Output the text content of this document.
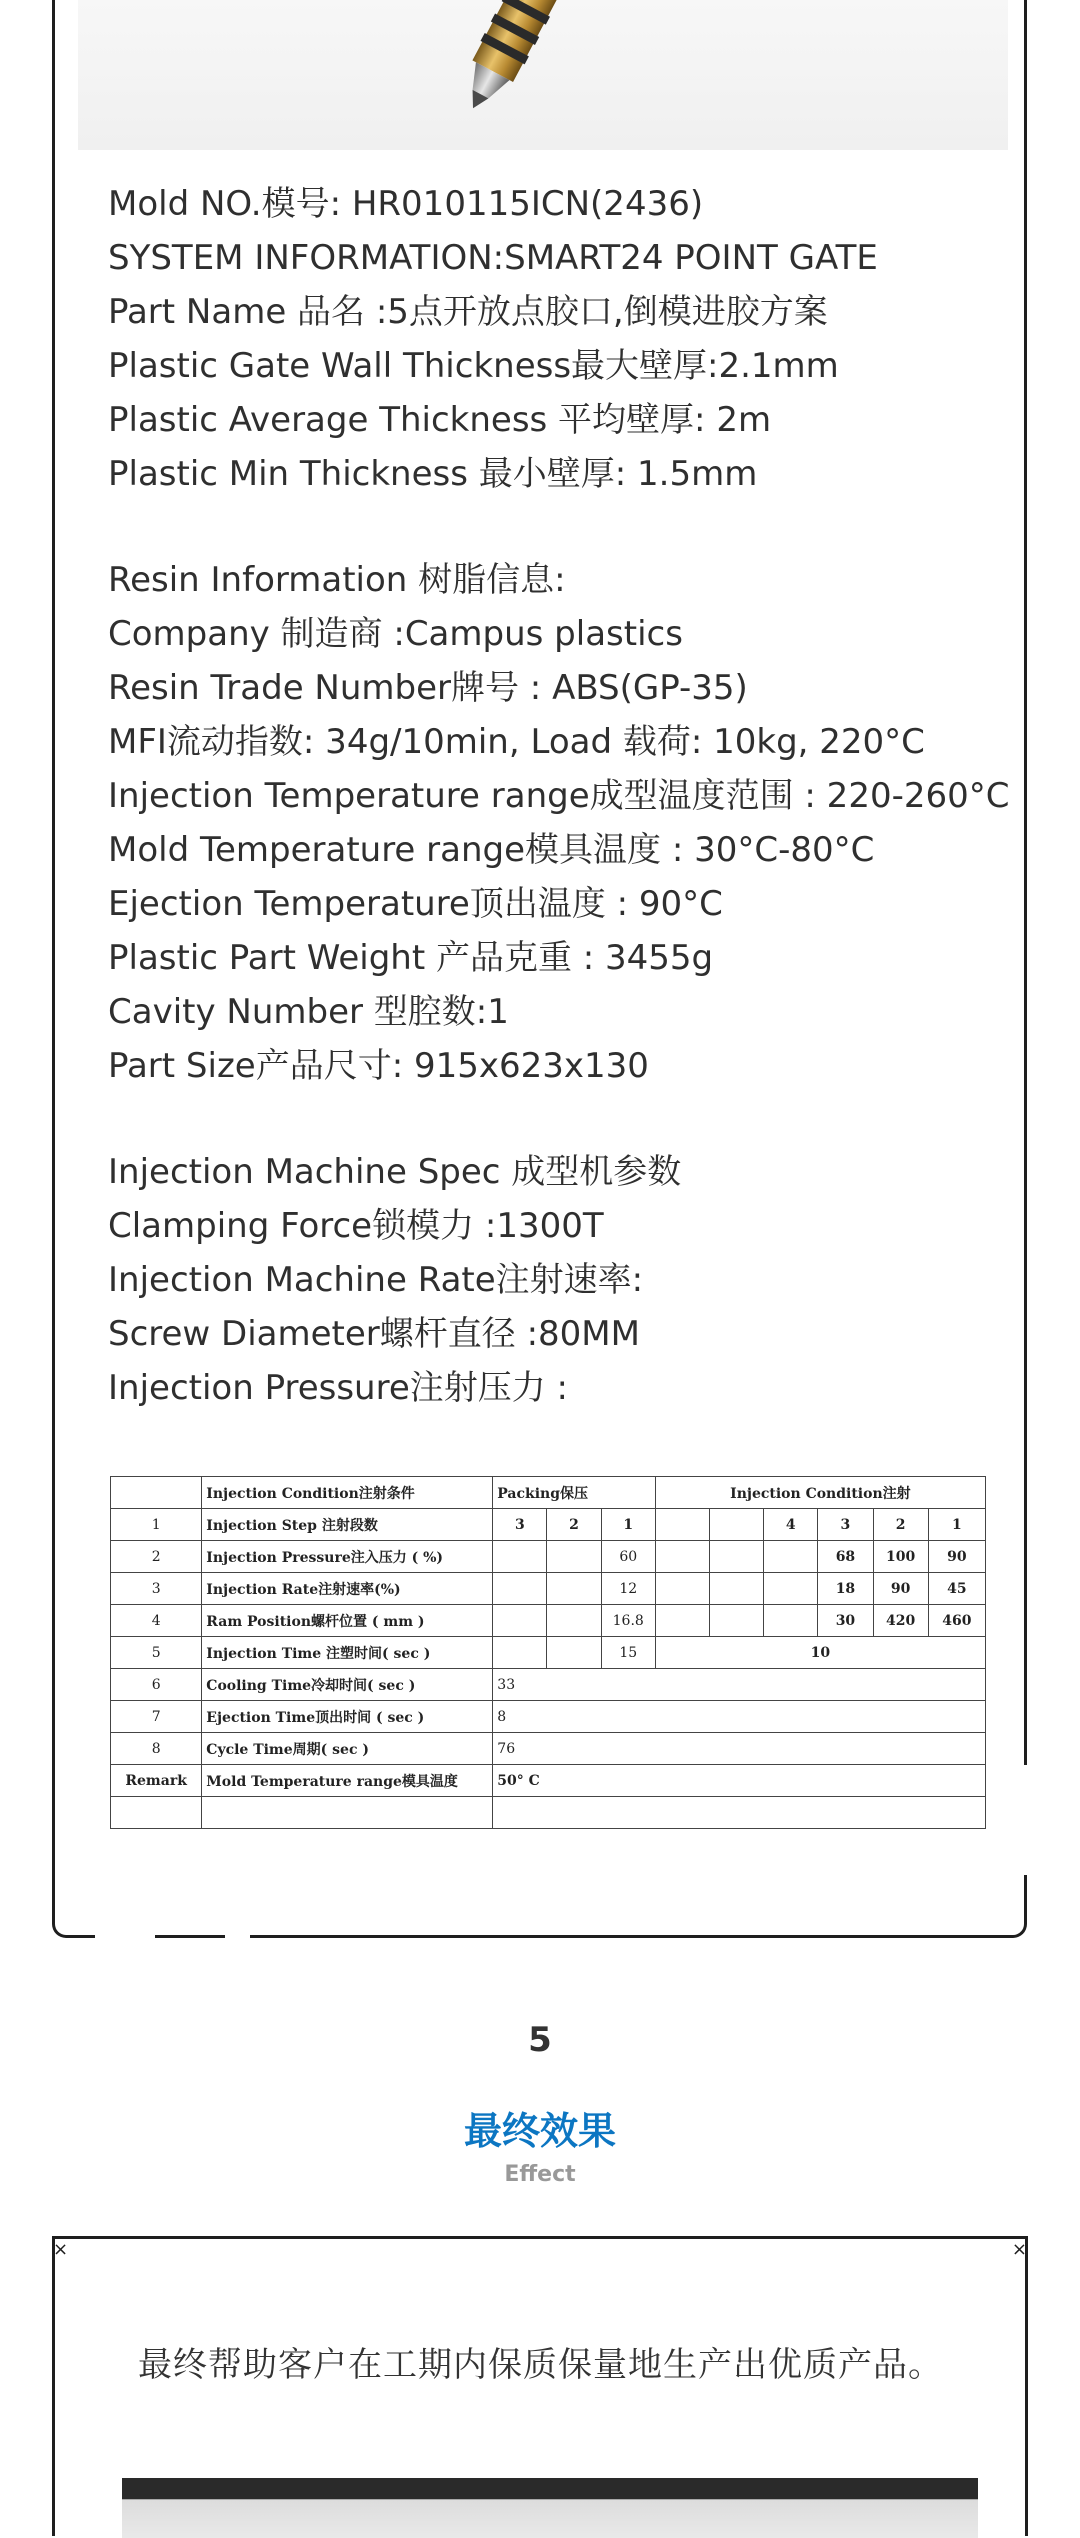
Mold NO.模号: HR010115ICN(2436)
SYSTEM INFORMATION:SMART24 POINT GATE
Part Name 品名 :5点开放点胶口,倒模进胶方案
Plastic Gate Wall Thickness最大壁厚:2.1mm
Plastic Average Thickness 平均壁厚: 2m
Plastic Min Thickness 最小壁厚: 1.5mm
Resin Information 树脂信息:
Company 制造商 :Campus plastics
Resin Trade Number牌号 : ABS(GP-35)
MFI流动指数: 34g/10min, Load 载荷: 10kg, 220°C
Injection Temperature range成型温度范围 : 220-260°C
Mold Temperature range模具温度 : 30°C-80°C
Ejection Temperature顶出温度 : 90°C
Plastic Part Weight 产品克重 : 3455g
Cavity Number 型腔数:1
Part Size产品尺寸: 915x623x130
Injection Machine Spec 成型机参数
Clamping Force锁模力 :1300T
Injection Machine Rate注射速率:
Screw Diameter螺杆直径 :80MM
Injection Pressure注射压力 :
	Injection Condition注射条件	Packing保压			Injection Condition注射					
1	Injection Step 注射段数	3	2	1			4	3	2	1
2	Injection Pressure注入压力 ( %)			60				68	100	90
3	Injection Rate注射速率(%)			12				18	90	45
4	Ram Position螺杆位置 ( mm )			16.8				30	420	460
5	Injection Time 注塑时间( sec )			15	10					
6	Cooling Time冷却时间( sec )	33								
7	Ejection Time顶出时间 ( sec )	8								
8	Cycle Time周期( sec )	76								
Remark	Mold Temperature range模具温度	50° C								

5
最终效果
Effect
×	×
最终帮助客户在工期内保质保量地生产出优质产品。
